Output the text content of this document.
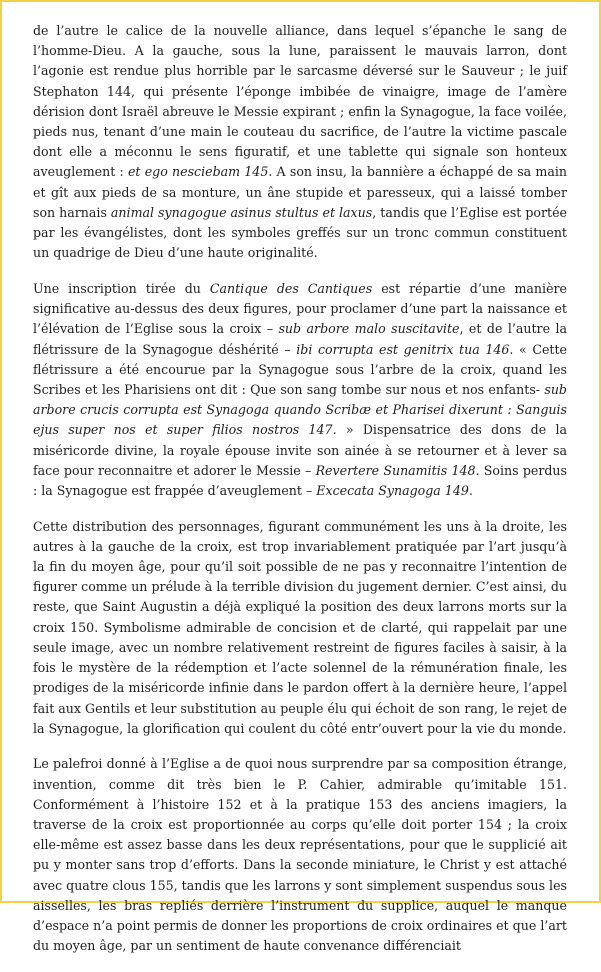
de l’autre le calice de la nouvelle alliance, dans lequel s’épanche le sang de l’homme-Dieu. A la gauche, sous la lune, paraissent le mauvais larron, dont l’agonie est rendue plus horrible par le sarcasme déversé sur le Sauveur ; le juif Stephaton 144, qui présente l’éponge imbibée de vinaigre, image de l’amère dérision dont Israël abreuve le Messie expirant ; enfin la Synagogue, la face voilée, pieds nus, tenant d’une main le couteau du sacrifice, de l’autre la victime pascale dont elle a méconnu le sens figuratif, et une tablette qui signale son honteux aveuglement : et ego nesciebam 145. A son insu, la bannière a échappé de sa main et gît aux pieds de sa monture, un âne stupide et paresseux, qui a laissé tomber son harnais animal synagogue asinus stultus et laxus, tandis que l’Eglise est portée par les évangélistes, dont les symboles greffés sur un tronc commun constituent un quadrige de Dieu d’une haute originalité.

Une inscription tirée du Cantique des Cantiques est répartie d’une manière significative au-dessus des deux figures, pour proclamer d’une part la naissance et l’élévation de l’Eglise sous la croix – sub arbore malo suscitavite, et de l’autre la flétrissure de la Synagogue déshérité – ibi corrupta est genitrix tua 146. « Cette flétrissure a été encourue par la Synagogue sous l’arbre de la croix, quand les Scribes et les Pharisiens ont dit : Que son sang tombe sur nous et nos enfants- sub arbore crucis corrupta est Synagoga quando Scribæ et Pharisei dixerunt : Sanguis ejus super nos et super filios nostros 147. » Dispensatrice des dons de la miséricorde divine, la royale épouse invite son ainée à se retourner et à lever sa face pour reconnaitre et adorer le Messie – Revertere Sunamitis 148. Soins perdus : la Synagogue est frappée d’aveuglement – Excecata Synagoga 149.

Cette distribution des personnages, figurant communément les uns à la droite, les autres à la gauche de la croix, est trop invariablement pratiquée par l’art jusqu’à la fin du moyen âge, pour qu’il soit possible de ne pas y reconnaitre l’intention de figurer comme un prélude à la terrible division du jugement dernier. C’est ainsi, du reste, que Saint Augustin a déjà expliqué la position des deux larrons morts sur la croix 150. Symbolisme admirable de concision et de clarté, qui rappelait par une seule image, avec un nombre relativement restreint de figures faciles à saisir, à la fois le mystère de la rédemption et l’acte solennel de la rémunération finale, les prodiges de la miséricorde infinie dans le pardon offert à la dernière heure, l’appel fait aux Gentils et leur substitution au peuple élu qui échoit de son rang, le rejet de la Synagogue, la glorification qui coulent du côté entr’ouvert pour la vie du monde.

Le palefroi donné à l’Eglise a de quoi nous surprendre par sa composition étrange, invention, comme dit très bien le P. Cahier, admirable qu’imitable 151. Conformément à l’histoire 152 et à la pratique 153 des anciens imagiers, la traverse de la croix est proportionnée au corps qu’elle doit porter 154 ; la croix elle-même est assez basse dans les deux représentations, pour que le supplicié ait pu y monter sans trop d’efforts. Dans la seconde miniature, le Christ y est attaché avec quatre clous 155, tandis que les larrons y sont simplement suspendus sous les aisselles, les bras repliés derrière l’instrument du supplice, auquel le manque d’espace n’a point permis de donner les proportions de croix ordinaires et que l’art du moyen âge, par un sentiment de haute convenance différenciait
